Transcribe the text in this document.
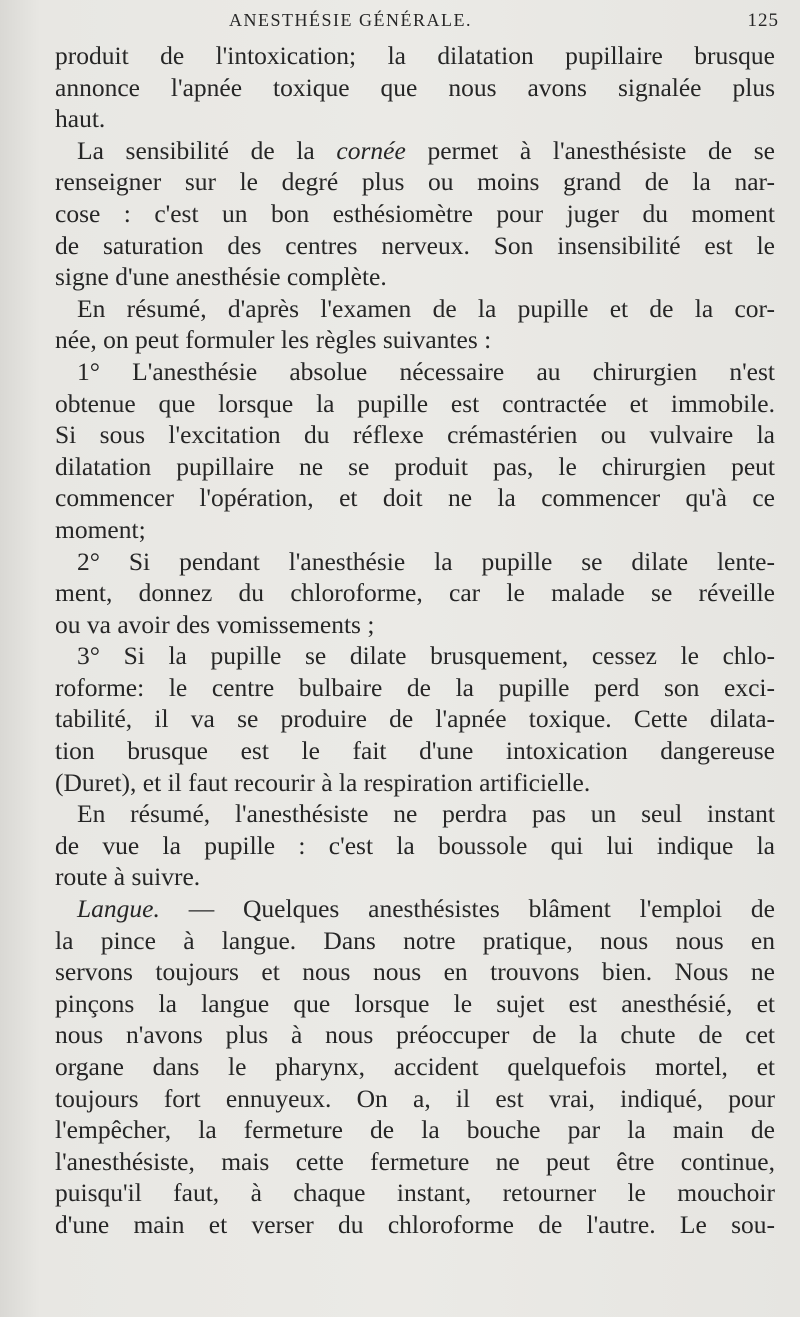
ANESTHÉSIE GÉNÉRALE.	125
produit de l'intoxication; la dilatation pupillaire brusque
annonce l'apnée toxique que nous avons signalée plus
haut.
La sensibilité de la cornée permet à l'anesthésiste de se
renseigner sur le degré plus ou moins grand de la nar-
cose : c'est un bon esthésiomètre pour juger du moment
de saturation des centres nerveux. Son insensibilité est le
signe d'une anesthésie complète.
En résumé, d'après l'examen de la pupille et de la cor-
née, on peut formuler les règles suivantes :
1° L'anesthésie absolue nécessaire au chirurgien n'est
obtenue que lorsque la pupille est contractée et immobile.
Si sous l'excitation du réflexe crémastérien ou vulvaire la
dilatation pupillaire ne se produit pas, le chirurgien peut
commencer l'opération, et doit ne la commencer qu'à ce
moment;
2° Si pendant l'anesthésie la pupille se dilate lente-
ment, donnez du chloroforme, car le malade se réveille
ou va avoir des vomissements ;
3° Si la pupille se dilate brusquement, cessez le chlo-
roforme: le centre bulbaire de la pupille perd son exci-
tabilité, il va se produire de l'apnée toxique. Cette dilata-
tion brusque est le fait d'une intoxication dangereuse
(Duret), et il faut recourir à la respiration artificielle.
En résumé, l'anesthésiste ne perdra pas un seul instant
de vue la pupille : c'est la boussole qui lui indique la
route à suivre.
Langue. — Quelques anesthésistes blâment l'emploi de
la pince à langue. Dans notre pratique, nous nous en
servons toujours et nous nous en trouvons bien. Nous ne
pinçons la langue que lorsque le sujet est anesthésié, et
nous n'avons plus à nous préoccuper de la chute de cet
organe dans le pharynx, accident quelquefois mortel, et
toujours fort ennuyeux. On a, il est vrai, indiqué, pour
l'empêcher, la fermeture de la bouche par la main de
l'anesthésiste, mais cette fermeture ne peut être continue,
puisqu'il faut, à chaque instant, retourner le mouchoir
d'une main et verser du chloroforme de l'autre. Le sou-
